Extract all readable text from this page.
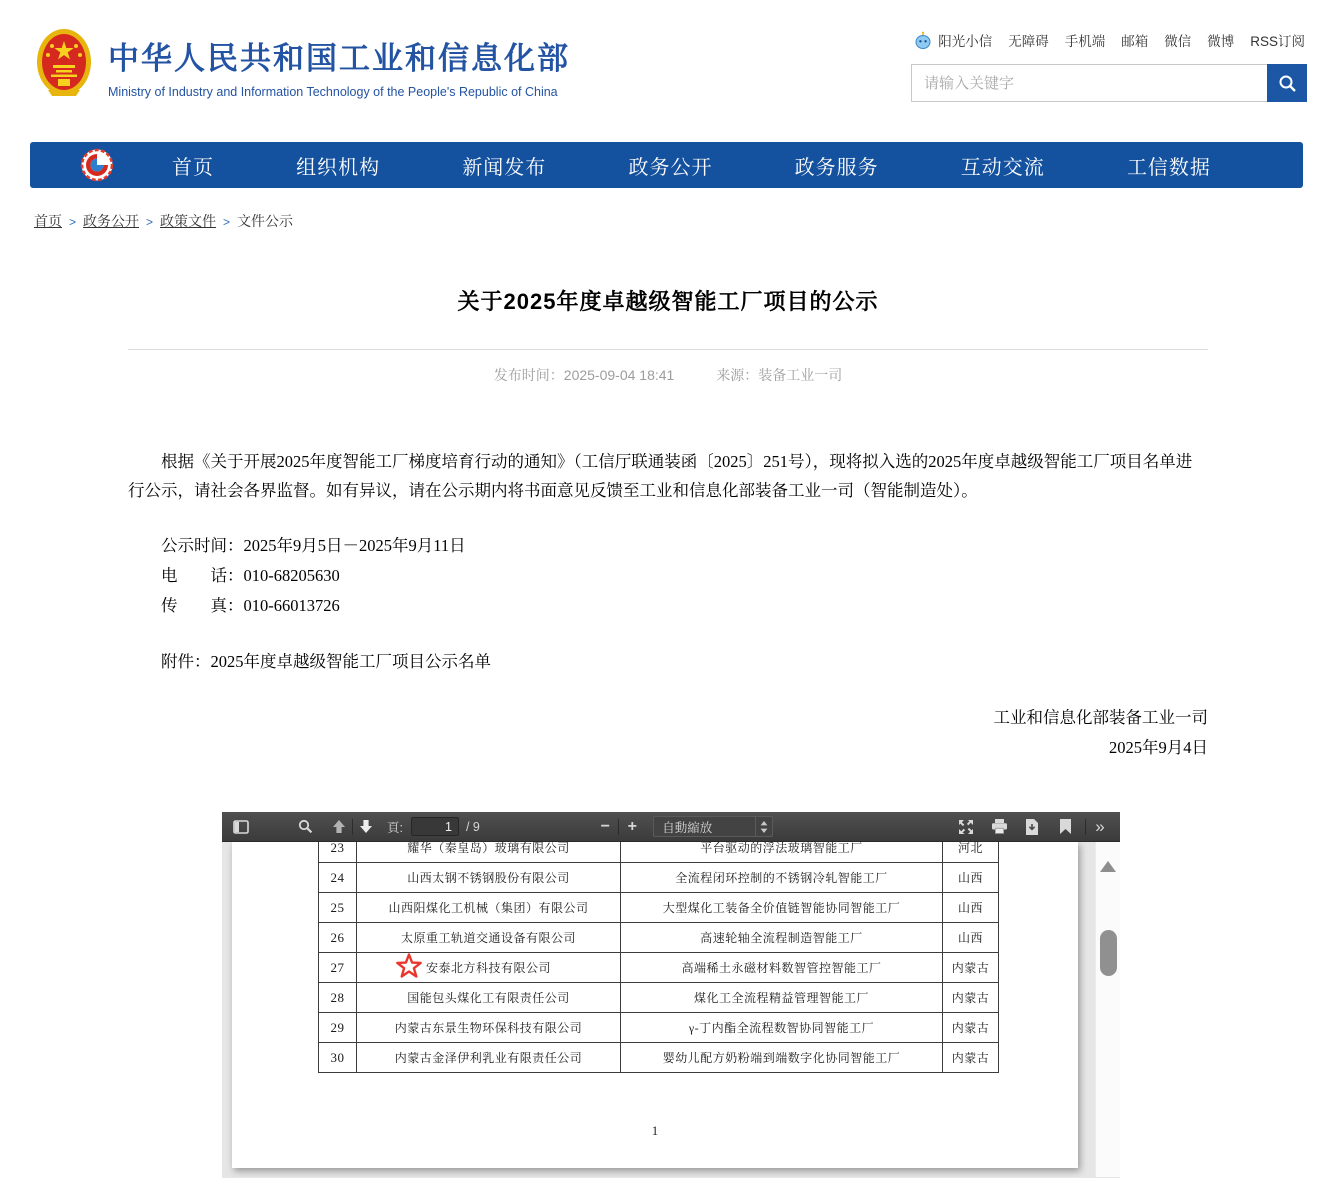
中华人民共和国工业和信息化部
Ministry of Industry and Information Technology of the People's Republic of China
阳光小信 无障碍 手机端 邮箱 微信 微博 RSS订阅
请输入关键字
首页	组织机构	新闻发布	政务公开	政务服务	互动交流	工信数据
首页 > 政务公开 > 政策文件 > 文件公示
关于2025年度卓越级智能工厂项目的公示
发布时间：2025-09-04 18:41	来源：装备工业一司

根据《关于开展2025年度智能工厂梯度培育行动的通知》（工信厅联通装函〔2025〕251号），现将拟入选的2025年度卓越级智能工厂项目名单进行公示，请社会各界监督。如有异议，请在公示期内将书面意见反馈至工业和信息化部装备工业一司（智能制造处）。

公示时间：2025年9月5日－2025年9月11日
电　　话：010-68205630
传　　真：010-66013726
附件：2025年度卓越级智能工厂项目公示名单
工业和信息化部装备工业一司
2025年9月4日
頁:
1	/ 9	− +	自動縮放	»
23	耀华（秦皇岛）玻璃有限公司	平台驱动的浮法玻璃智能工厂	河北
24	山西太钢不锈钢股份有限公司	全流程闭环控制的不锈钢冷轧智能工厂	山西
25	山西阳煤化工机械（集团）有限公司	大型煤化工装备全价值链智能协同智能工厂	山西
26	太原重工轨道交通设备有限公司	高速轮轴全流程制造智能工厂	山西
27	安泰北方科技有限公司	高端稀土永磁材料数智管控智能工厂	内蒙古
28	国能包头煤化工有限责任公司	煤化工全流程精益管理智能工厂	内蒙古
29	内蒙古东景生物环保科技有限公司	γ-丁内酯全流程数智协同智能工厂	内蒙古
30	内蒙古金泽伊利乳业有限责任公司	婴幼儿配方奶粉端到端数字化协同智能工厂	内蒙古
1
